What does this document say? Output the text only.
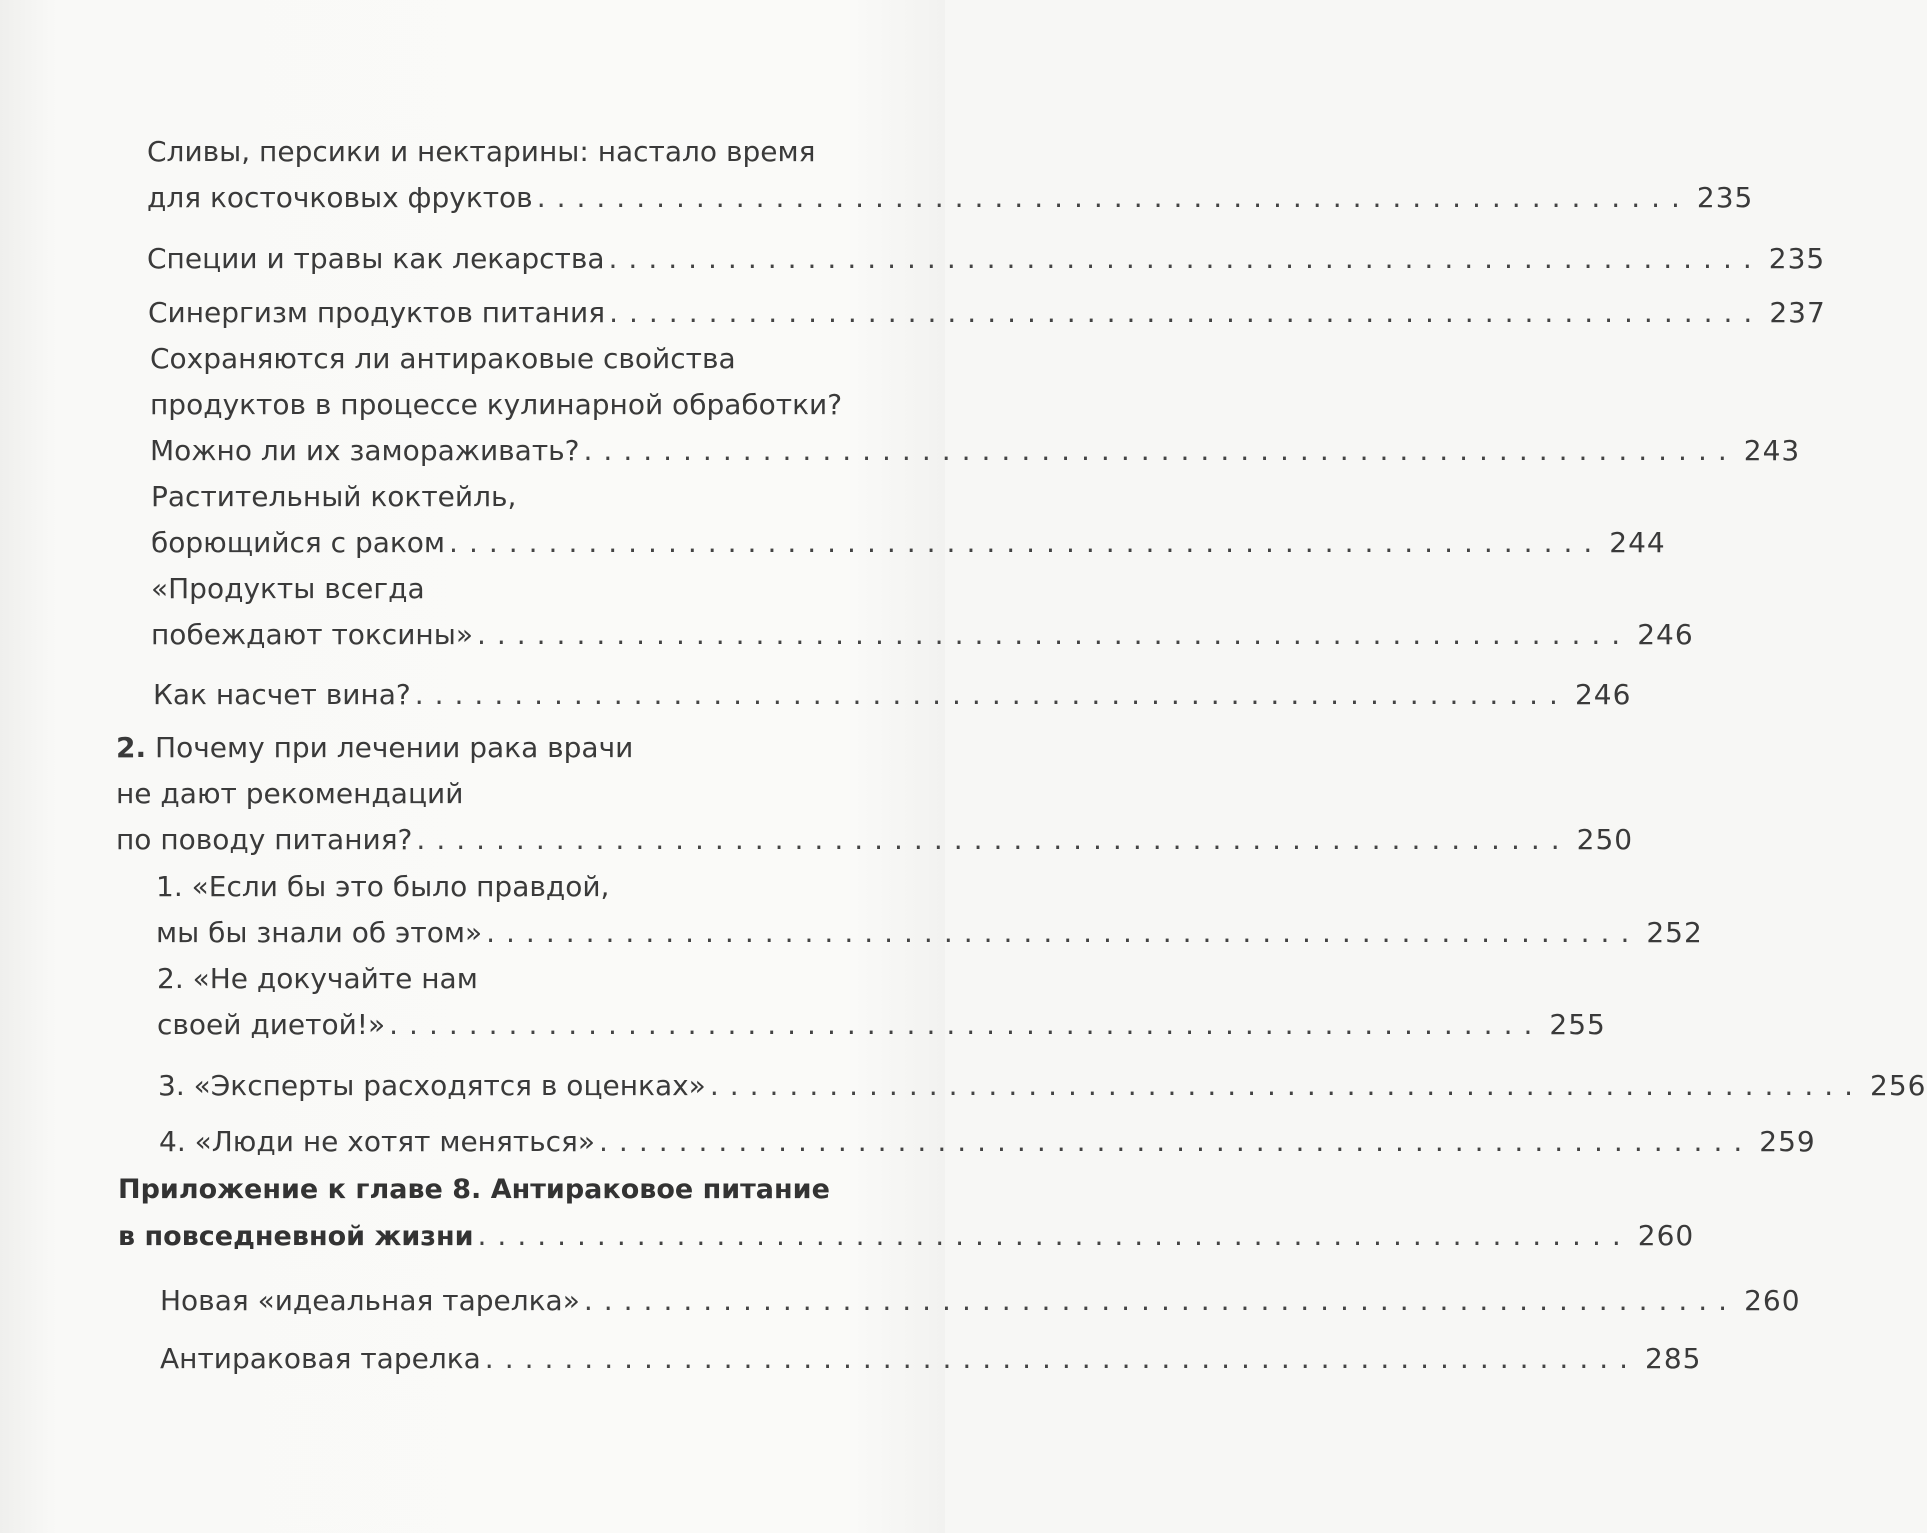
Сливы, персики и нектарины: настало время
для косточковых фруктов .......................................................... 235
Специи и травы как лекарства .......................................................... 235
Синергизм продуктов питания .......................................................... 237
Сохраняются ли антираковые свойства
продуктов в процессе кулинарной обработки?
Можно ли их замораживать? .......................................................... 243
Растительный коктейль,
борющийся с раком .......................................................... 244
«Продукты всегда
побеждают токсины» .......................................................... 246
Как насчет вина? .......................................................... 246
2. Почему при лечении рака врачи
не дают рекомендаций
по поводу питания? .......................................................... 250
1. «Если бы это было правдой,
мы бы знали об этом» .......................................................... 252
2. «Не докучайте нам
своей диетой!» .......................................................... 255
3. «Эксперты расходятся в оценках» .......................................................... 256
4. «Люди не хотят меняться» .......................................................... 259
Приложение к главе 8. Антираковое питание
в повседневной жизни .......................................................... 260
Новая «идеальная тарелка» .......................................................... 260
Антираковая тарелка .......................................................... 285
